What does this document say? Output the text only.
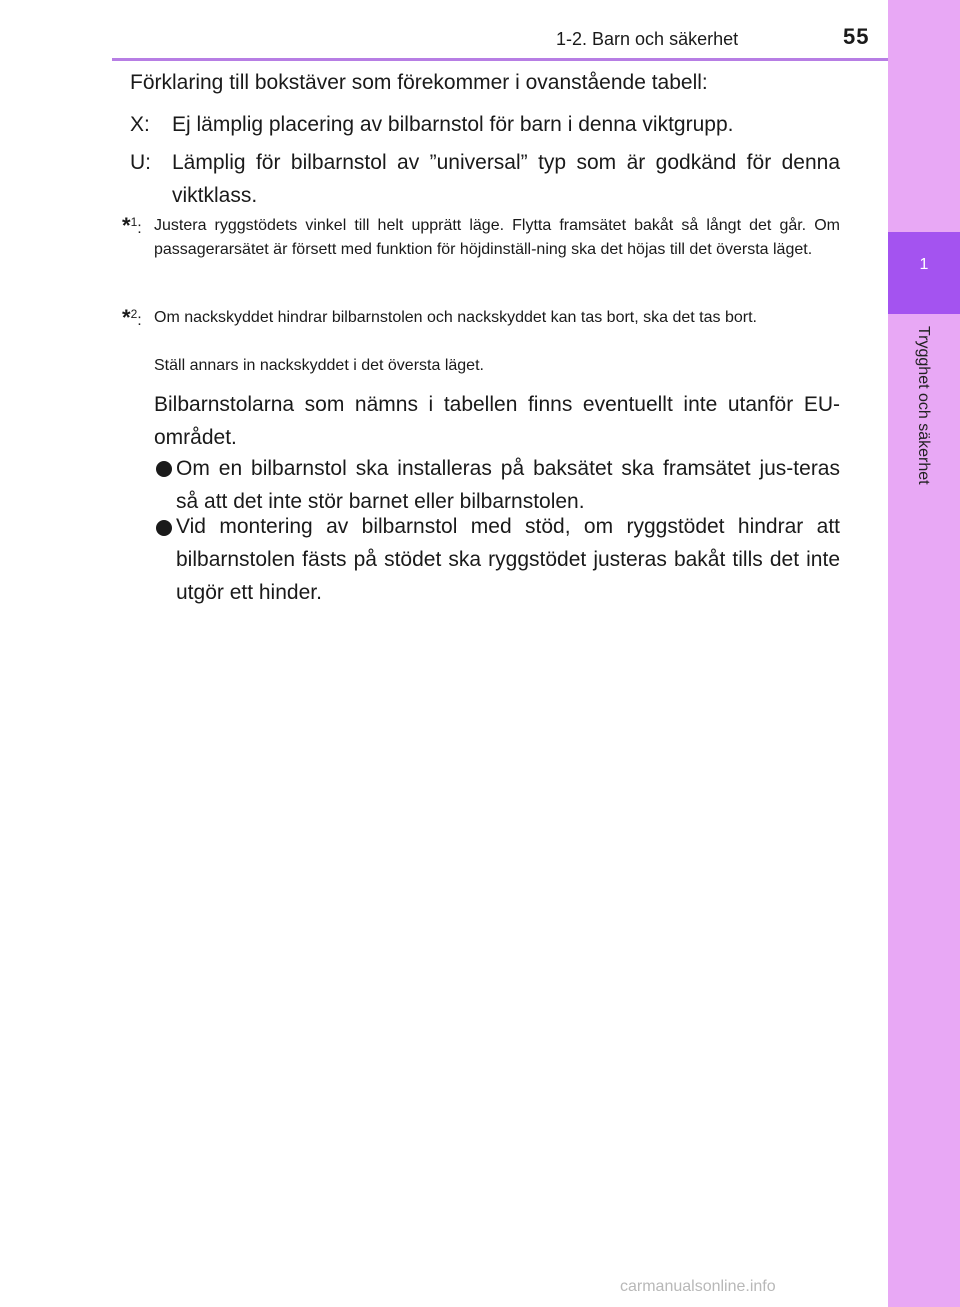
1-2. Barn och säkerhet	55
1
Trygghet och säkerhet

Förklaring till bokstäver som förekommer i ovanstående tabell:

X: Ej lämplig placering av bilbarnstol för barn i denna viktgrupp.

U: Lämplig för bilbarnstol av ”universal” typ som är godkänd för denna viktklass.

*$^1$: Justera ryggstödets vinkel till helt upprätt läge. Flytta framsätet bakåt så långt det går. Om passagerarsätet är försett med funktion för höjdinställ-ning ska det höjas till det översta läget.

*$^2$: Om nackskyddet hindrar bilbarnstolen och nackskyddet kan tas bort, ska det tas bort.

Ställ annars in nackskyddet i det översta läget.

Bilbarnstolarna som nämns i tabellen finns eventuellt inte utanför EU-området.

Om en bilbarnstol ska installeras på baksätet ska framsätet jus-teras så att det inte stör barnet eller bilbarnstolen.

Vid montering av bilbarnstol med stöd, om ryggstödet hindrar att bilbarnstolen fästs på stödet ska ryggstödet justeras bakåt tills det inte utgör ett hinder.

carmanualsonline.info
